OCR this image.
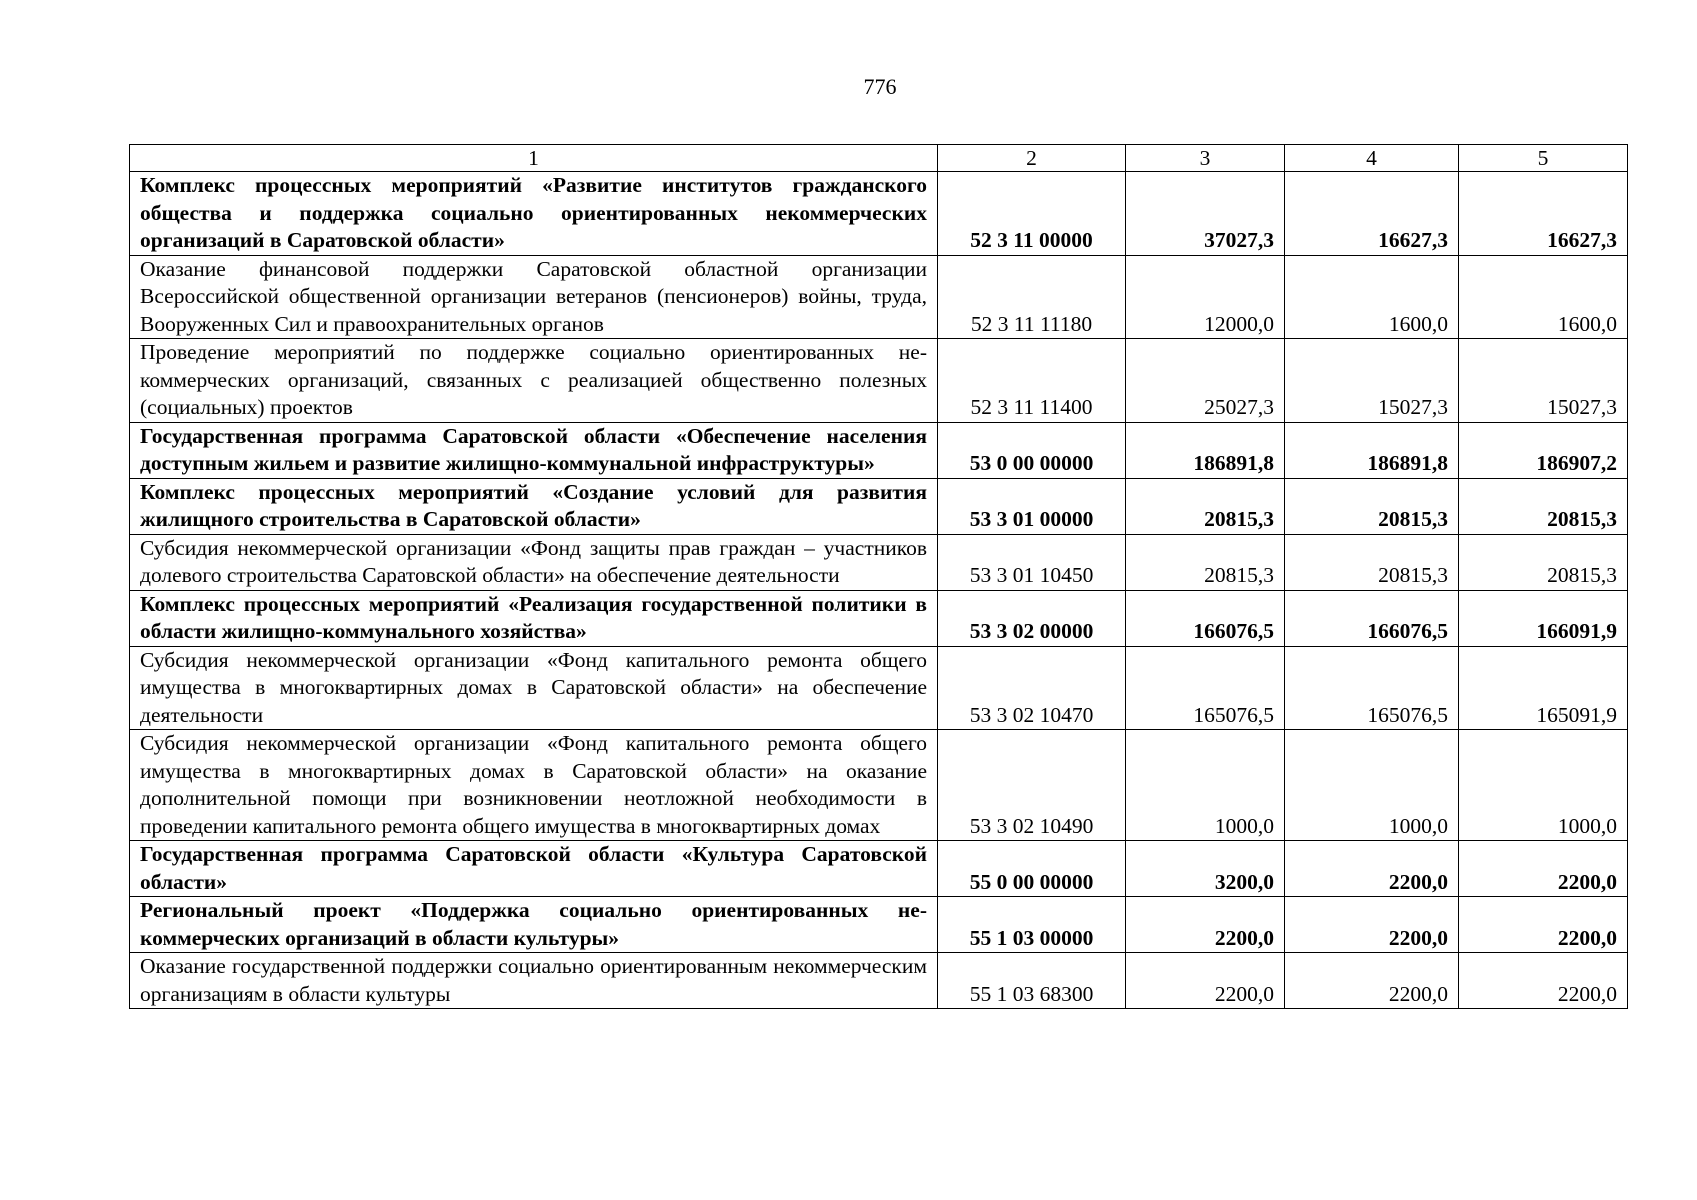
776
1	2	3	4	5
Комплекс процессных мероприятий «Развитие институтов гражданского общества и поддержка социально ориентированных некоммерческих организаций в Саратовской области»	52 3 11 00000	37027,3	16627,3	16627,3
Оказание финансовой поддержки Саратовской областной организации Всероссийской общественной организации ветеранов (пенсионеров) войны, труда, Вооруженных Сил и правоохранительных органов	52 3 11 11180	12000,0	1600,0	1600,0
Проведение мероприятий по поддержке социально ориентированных некоммерческих организаций, связанных с реализацией общественно полезных (социальных) проектов	52 3 11 11400	25027,3	15027,3	15027,3
Государственная программа Саратовской области «Обеспечение населения доступным жильем и развитие жилищно-коммунальной инфраструктуры»	53 0 00 00000	186891,8	186891,8	186907,2
Комплекс процессных мероприятий «Создание условий для развития жилищного строительства в Саратовской области»	53 3 01 00000	20815,3	20815,3	20815,3
Субсидия некоммерческой организации «Фонд защиты прав граждан – участников долевого строительства Саратовской области» на обеспечение деятельности	53 3 01 10450	20815,3	20815,3	20815,3
Комплекс процессных мероприятий «Реализация государственной политики в области жилищно-коммунального хозяйства»	53 3 02 00000	166076,5	166076,5	166091,9
Субсидия некоммерческой организации «Фонд капитального ремонта общего имущества в многоквартирных домах в Саратовской области» на обеспечение деятельности	53 3 02 10470	165076,5	165076,5	165091,9
Субсидия некоммерческой организации «Фонд капитального ремонта общего имущества в многоквартирных домах в Саратовской области» на оказание дополнительной помощи при возникновении неотложной необходимости в проведении капитального ремонта общего имущества в многоквартирных домах	53 3 02 10490	1000,0	1000,0	1000,0
Государственная программа Саратовской области «Культура Саратовской области»	55 0 00 00000	3200,0	2200,0	2200,0
Региональный проект «Поддержка социально ориентированных некоммерческих организаций в области культуры»	55 1 03 00000	2200,0	2200,0	2200,0
Оказание государственной поддержки социально ориентированным некоммерческим организациям в области культуры	55 1 03 68300	2200,0	2200,0	2200,0
